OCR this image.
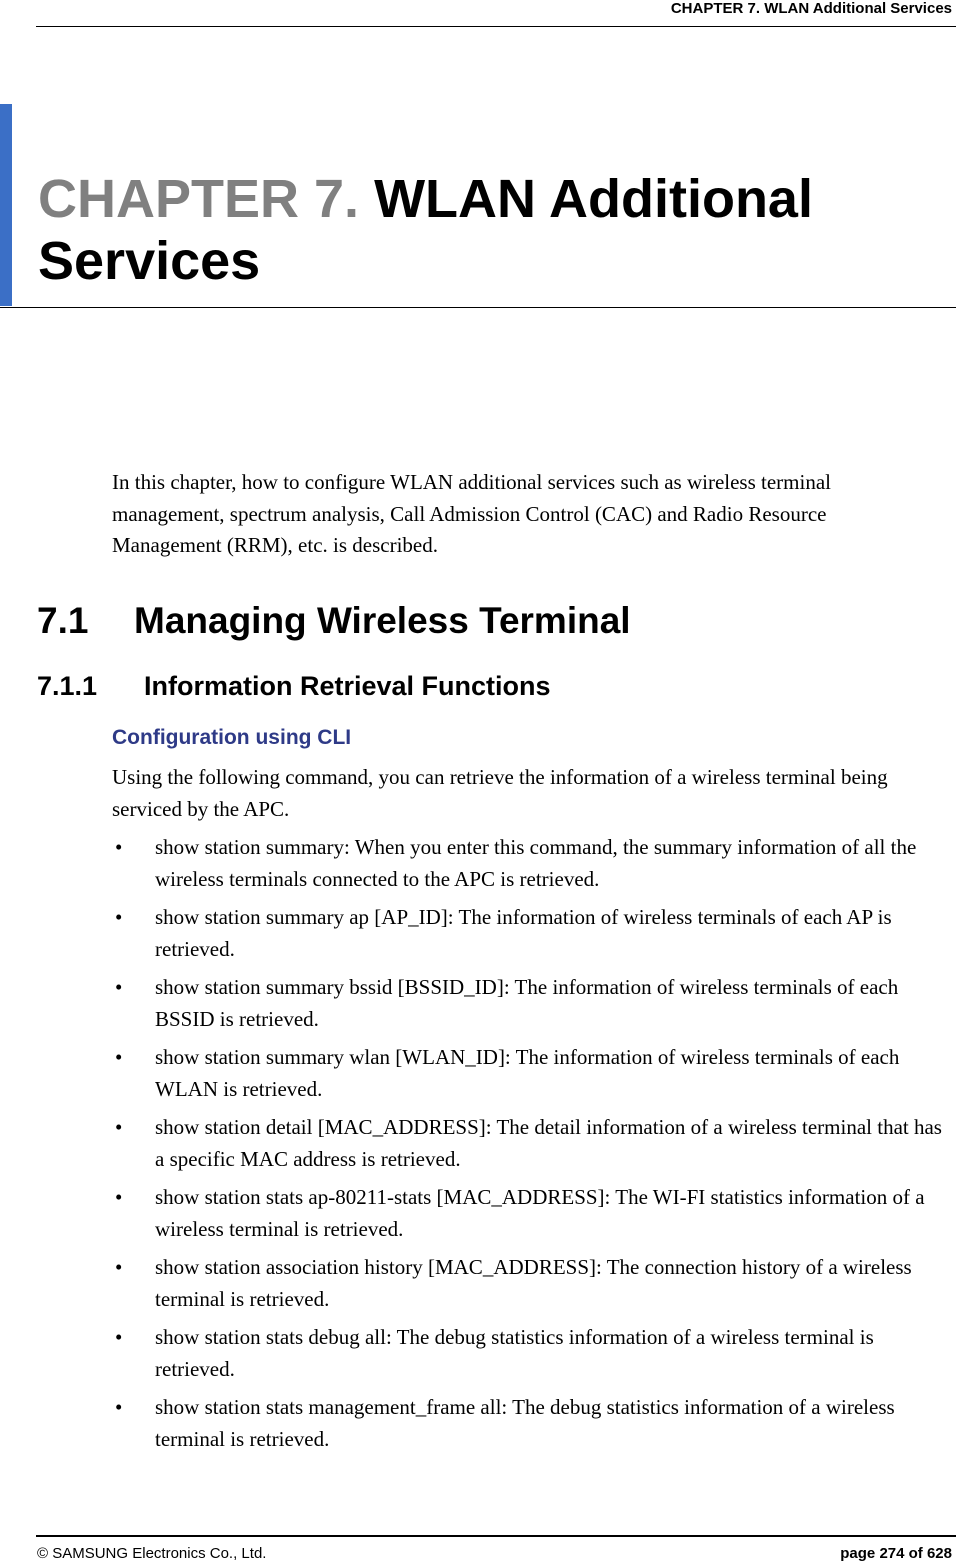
CHAPTER 7. WLAN Additional Services
CHAPTER 7. WLAN Additional Services

In this chapter, how to configure WLAN additional services such as wireless terminal management, spectrum analysis, Call Admission Control (CAC) and Radio Resource Management (RRM), etc. is described.

7.1 Managing Wireless Terminal
7.1.1 Information Retrieval Functions
Configuration using CLI

Using the following command, you can retrieve the information of a wireless terminal being serviced by the APC.

• show station summary: When you enter this command, the summary information of all the wireless terminals connected to the APC is retrieved.
• show station summary ap [AP_ID]: The information of wireless terminals of each AP is retrieved.
• show station summary bssid [BSSID_ID]: The information of wireless terminals of each BSSID is retrieved.
• show station summary wlan [WLAN_ID]: The information of wireless terminals of each WLAN is retrieved.
• show station detail [MAC_ADDRESS]: The detail information of a wireless terminal that has a specific MAC address is retrieved.
• show station stats ap-80211-stats [MAC_ADDRESS]: The WI-FI statistics information of a wireless terminal is retrieved.
• show station association history [MAC_ADDRESS]: The connection history of a wireless terminal is retrieved.
• show station stats debug all: The debug statistics information of a wireless terminal is retrieved.
• show station stats management_frame all: The debug statistics information of a wireless terminal is retrieved.
© SAMSUNG Electronics Co., Ltd.	page 274 of 628
